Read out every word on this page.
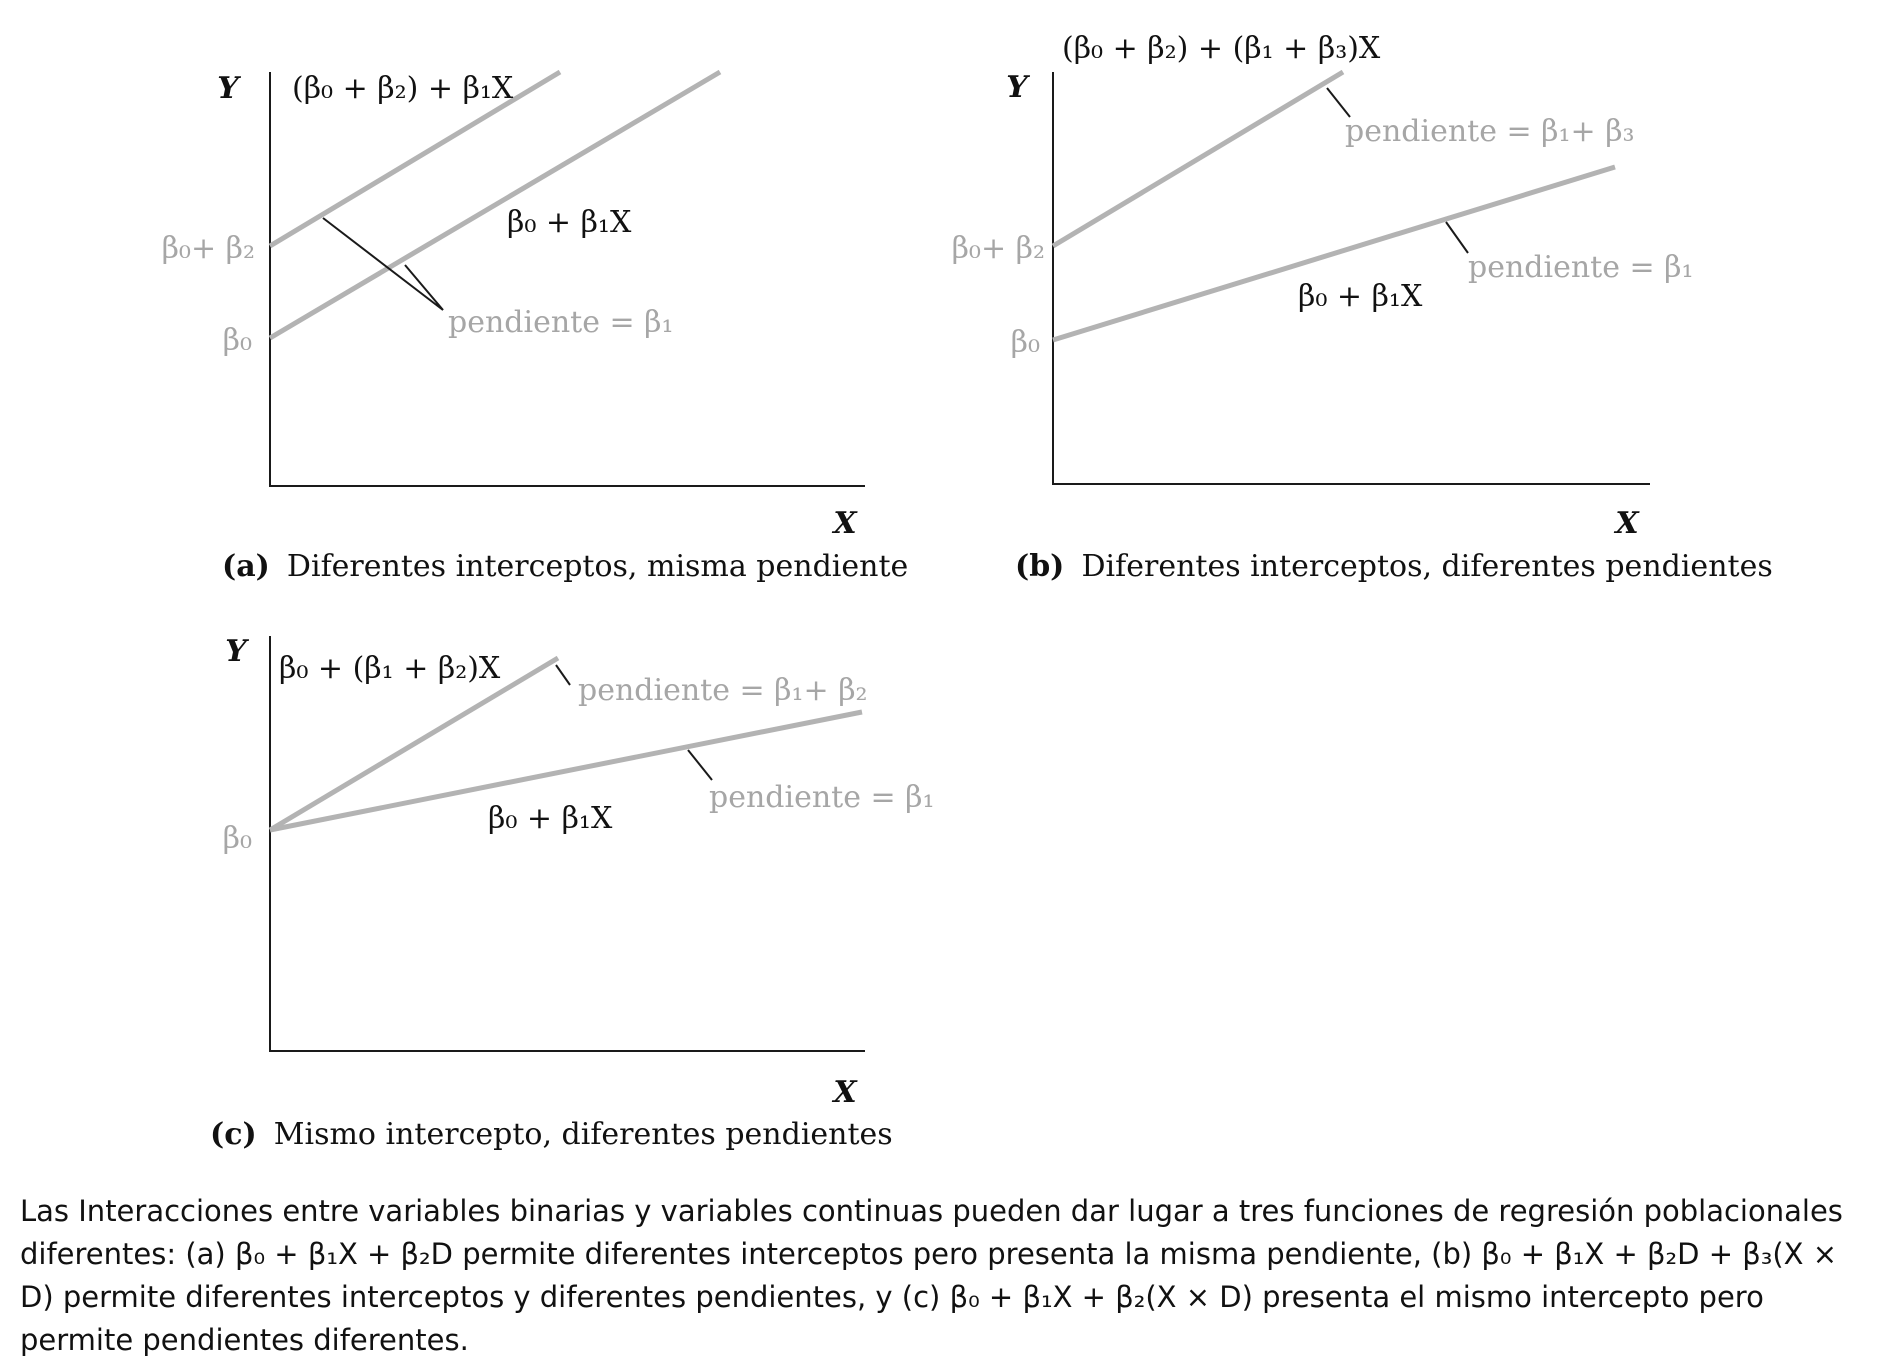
Y
X
(β₀ + β₂) + β₁X
β₀ + β₁X
β₀+ β₂
β₀
pendiente = β₁
(a) Diferentes interceptos, misma pendiente
Y
X
(β₀ + β₂) + (β₁ + β₃)X
β₀ + β₁X
β₀+ β₂
β₀
pendiente = β₁+ β₃
pendiente = β₁
(b) Diferentes interceptos, diferentes pendientes
Y
X
β₀ + (β₁ + β₂)X
β₀ + β₁X
β₀
pendiente = β₁+ β₂
pendiente = β₁
(c) Mismo intercepto, diferentes pendientes
Las Interacciones entre variables binarias y variables continuas pueden dar lugar a tres funciones de regresión poblacionales diferentes: (a) β₀ + β₁X + β₂D permite diferentes interceptos pero presenta la misma pendiente, (b) β₀ + β₁X + β₂D + β₃(X × D) permite diferentes interceptos y diferentes pendientes, y (c) β₀ + β₁X + β₂(X × D) presenta el mismo intercepto pero permite pendientes diferentes.
